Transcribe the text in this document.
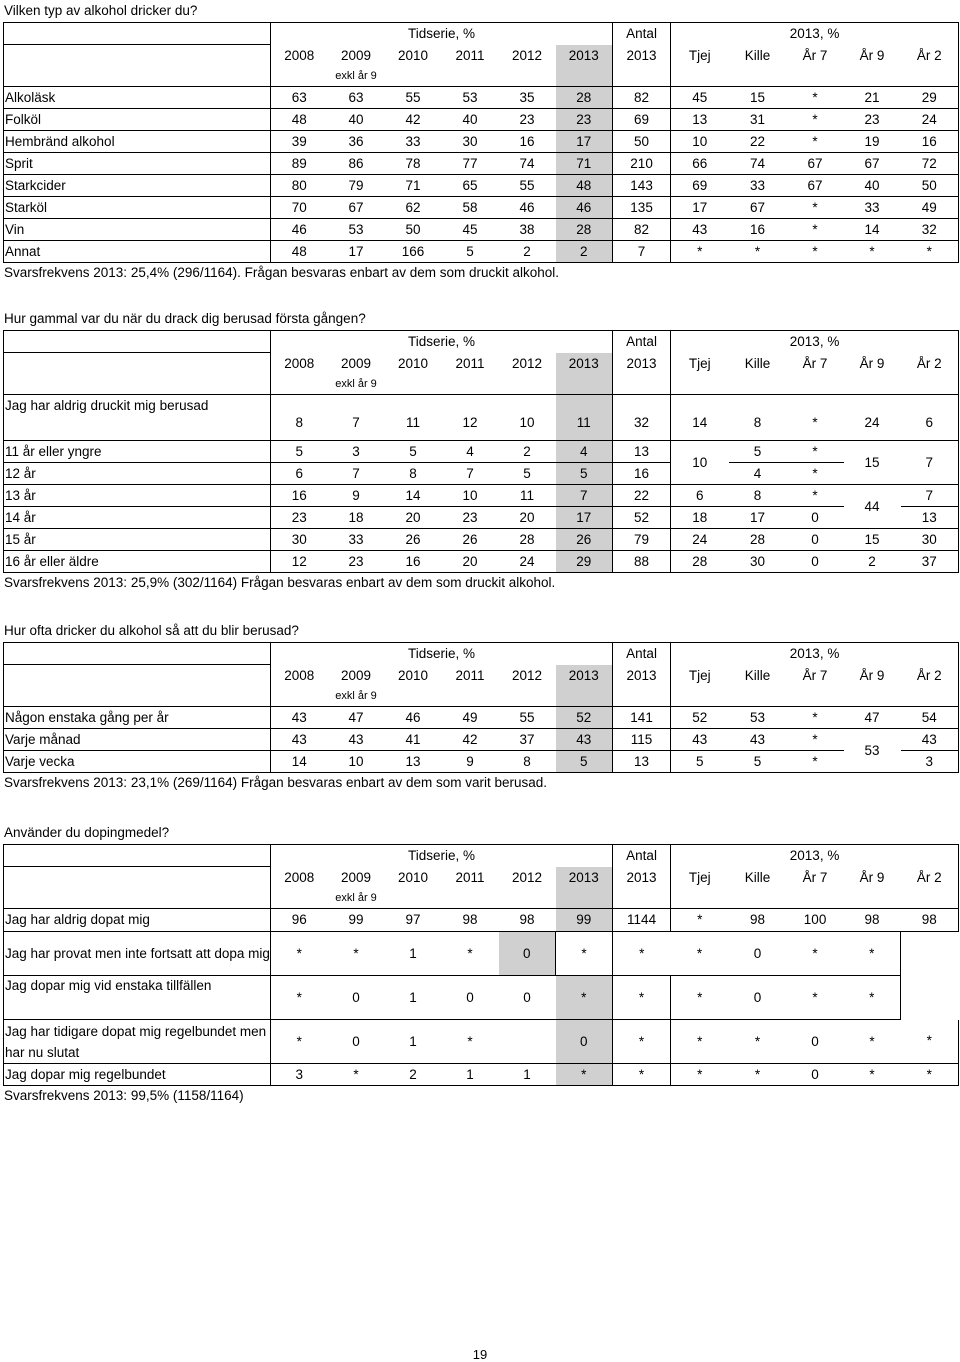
Vilken typ av alkohol dricker du?
	Tidserie, %						Antal	2013, %				
	2008	2009	2010	2011	2012	2013	2013	Tjej	Kille	År 7	År 9	År 2
		exkl år 9										
Alkoläsk	63	63	55	53	35	28	82	45	15	*	21	29
Folköl	48	40	42	40	23	23	69	13	31	*	23	24
Hembränd alkohol	39	36	33	30	16	17	50	10	22	*	19	16
Sprit	89	86	78	77	74	71	210	66	74	67	67	72
Starkcider	80	79	71	65	55	48	143	69	33	67	40	50
Starköl	70	67	62	58	46	46	135	17	67	*	33	49
Vin	46	53	50	45	38	28	82	43	16	*	14	32
Annat	48	17	166	5	2	2	7	*	*	*	*	*
Svarsfrekvens 2013: 25,4% (296/1164). Frågan besvaras enbart av dem som druckit alkohol.
Hur gammal var du när du drack dig berusad första gången?
	Tidserie, %						Antal	2013, %				
	2008	2009	2010	2011	2012	2013	2013	Tjej	Kille	År 7	År 9	År 2
		exkl år 9										
Jag har aldrig druckit mig berusad	8	7	11	12	10	11	32	14	8	*	24	6
11 år eller yngre	5	3	5	4	2	4	13	10	5	*	15	7
12 år	6	7	8	7	5	5	16		4	*		
13 år	16	9	14	10	11	7	22	6	8	*	44	7
14 år	23	18	20	23	20	17	52	18	17	0		13
15 år	30	33	26	26	28	26	79	24	28	0	15	30
16 år eller äldre	12	23	16	20	24	29	88	28	30	0	2	37
Svarsfrekvens 2013: 25,9% (302/1164) Frågan besvaras enbart av dem som druckit alkohol.
Hur ofta dricker du alkohol så att du blir berusad?
	Tidserie, %						Antal	2013, %				
	2008	2009	2010	2011	2012	2013	2013	Tjej	Kille	År 7	År 9	År 2
		exkl år 9										
Någon enstaka gång per år	43	47	46	49	55	52	141	52	53	*	47	54
Varje månad	43	43	41	42	37	43	115	43	43	*	53	43
Varje vecka	14	10	13	9	8	5	13	5	5	*		3
Svarsfrekvens 2013: 23,1% (269/1164) Frågan besvaras enbart av dem som varit berusad.
Använder du dopingmedel?
	Tidserie, %						Antal	2013, %				
	2008	2009	2010	2011	2012	2013	2013	Tjej	Kille	År 7	År 9	År 2
		exkl år 9										
Jag har aldrig dopat mig	96	99	97	98	98	99	1144	*	98	100	98	98
Jag har provat men inte fortsatt att dopa mig	*	*	1	*	0	*	*	*	0	*	*	
Jag dopar mig vid enstaka tillfällen	*	0	1	0	0	*	*	*	0	*	*	
Jag har tidigare dopat mig regelbundet men har nu slutat	*	0	1	*		0	*	*	*	0	*	*
Jag dopar mig regelbundet	3	*	2	1	1	*	*	*	*	0	*	*
Svarsfrekvens 2013: 99,5% (1158/1164)
19
